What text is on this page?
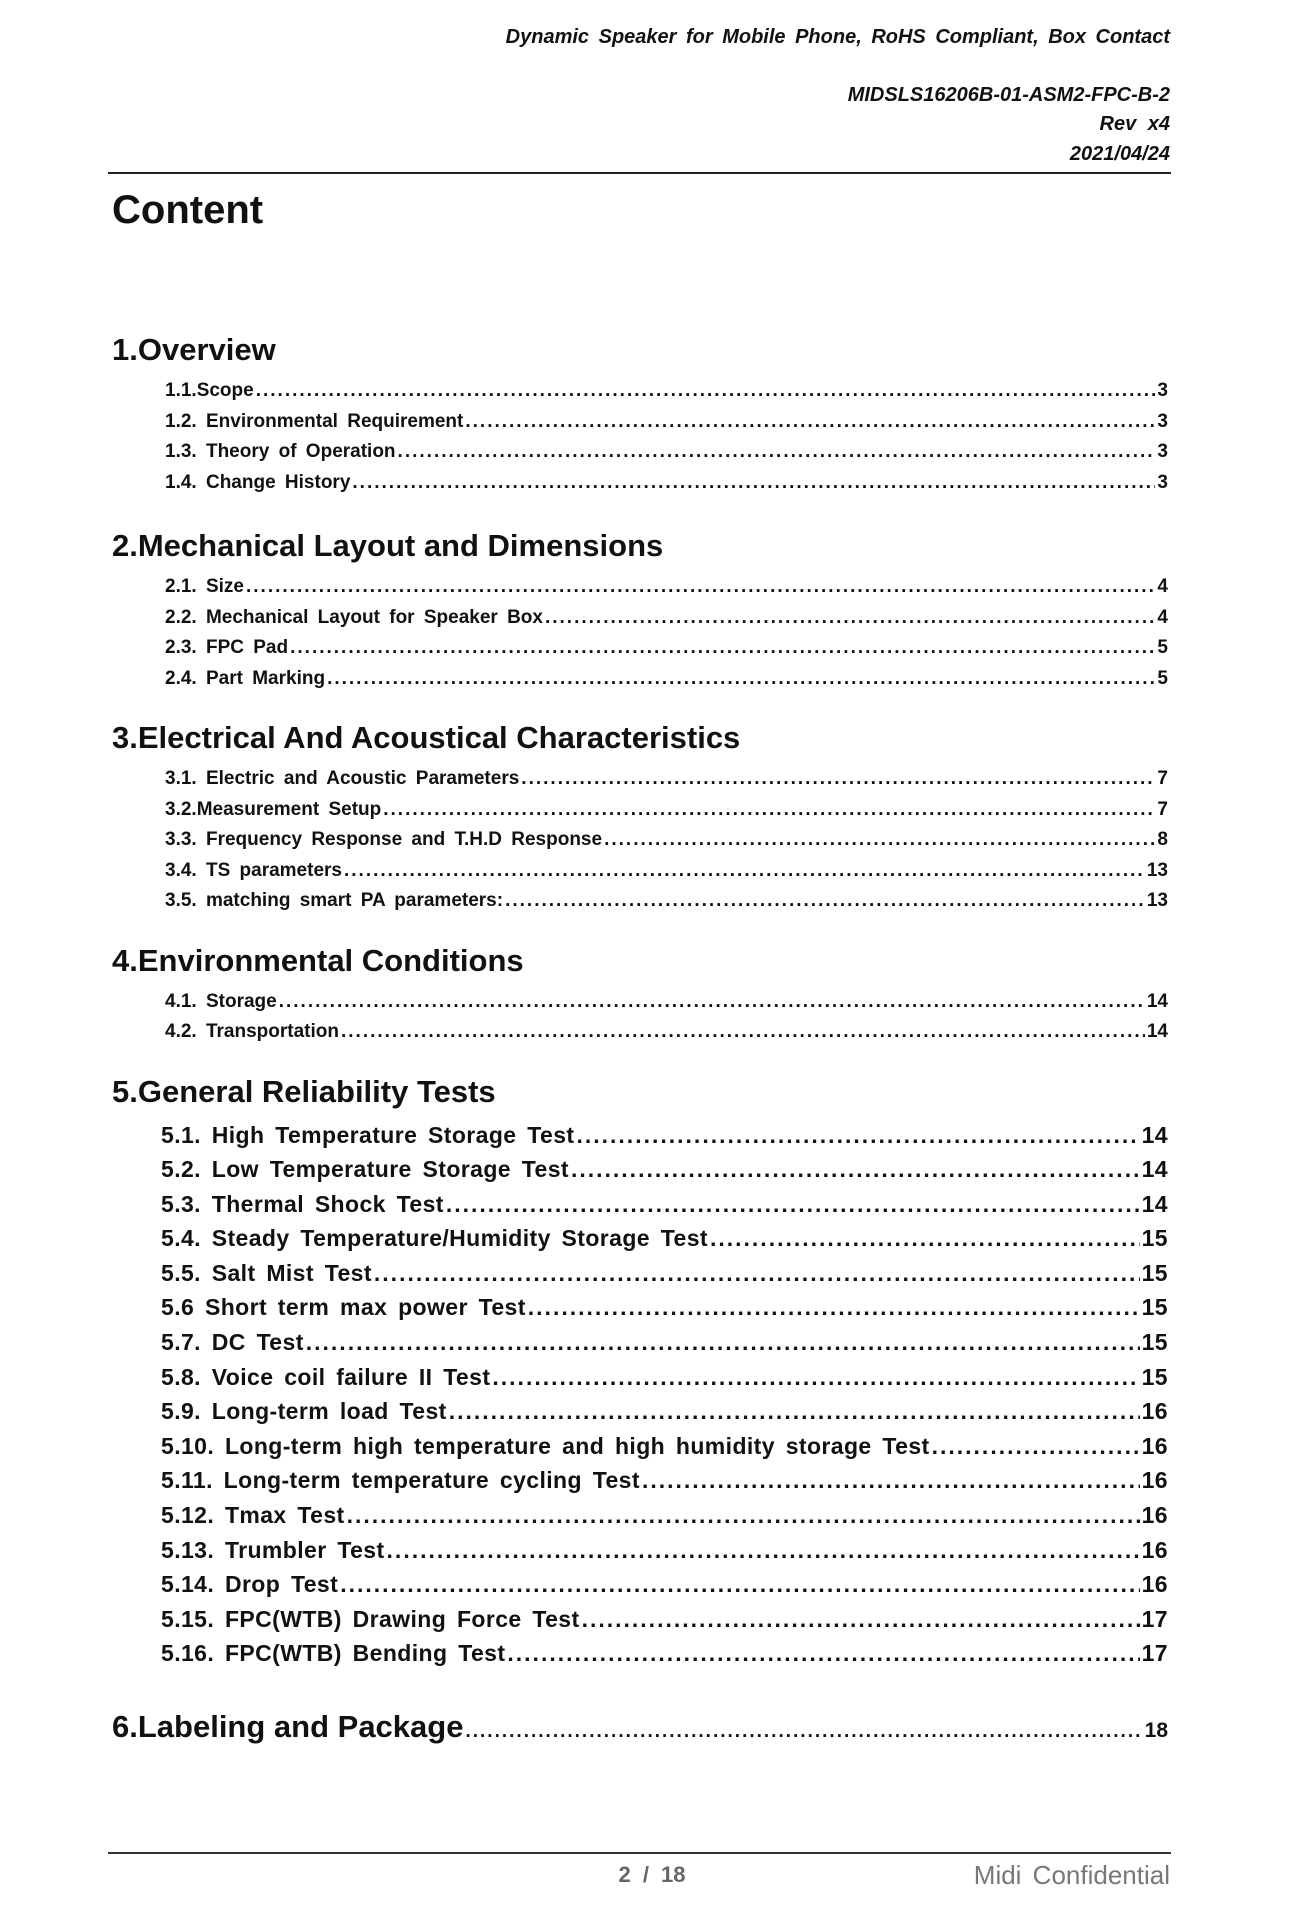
Dynamic Speaker for Mobile Phone, RoHS Compliant, Box Contact
MIDSLS16206B-01-ASM2-FPC-B-2
Rev x4
2021/04/24
Content
1.Overview
1.1.Scope .....	3
1.2. Environmental Requirement .....	3
1.3. Theory of Operation .....	3
1.4. Change History .....	3
2.Mechanical Layout and Dimensions
2.1. Size .....	4
2.2. Mechanical Layout for Speaker Box .....	4
2.3. FPC Pad .....	5
2.4. Part Marking .....	5
3.Electrical And Acoustical Characteristics
3.1. Electric and Acoustic Parameters .....	7
3.2.Measurement Setup .....	7
3.3. Frequency Response and T.H.D Response .....	8
3.4. TS parameters .....	13
3.5. matching smart PA parameters: .....	13
4.Environmental Conditions
4.1. Storage .....	14
4.2. Transportation .....	14
5.General Reliability Tests
5.1. High Temperature Storage Test .....	14
5.2. Low Temperature Storage Test .....	14
5.3. Thermal Shock Test .....	14
5.4. Steady Temperature/Humidity Storage Test .....	15
5.5. Salt Mist Test .....	15
5.6 Short term max power Test .....	15
5.7. DC Test .....	15
5.8. Voice coil failure II Test .....	15
5.9. Long-term load Test .....	16
5.10. Long-term high temperature and high humidity storage Test .....	16
5.11. Long-term temperature cycling Test .....	16
5.12. Tmax Test .....	16
5.13. Trumbler Test .....	16
5.14. Drop Test .....	16
5.15. FPC(WTB) Drawing Force Test .....	17
5.16. FPC(WTB) Bending Test .....	17
6.Labeling and Package .....	18
2 / 18	Midi Confidential
